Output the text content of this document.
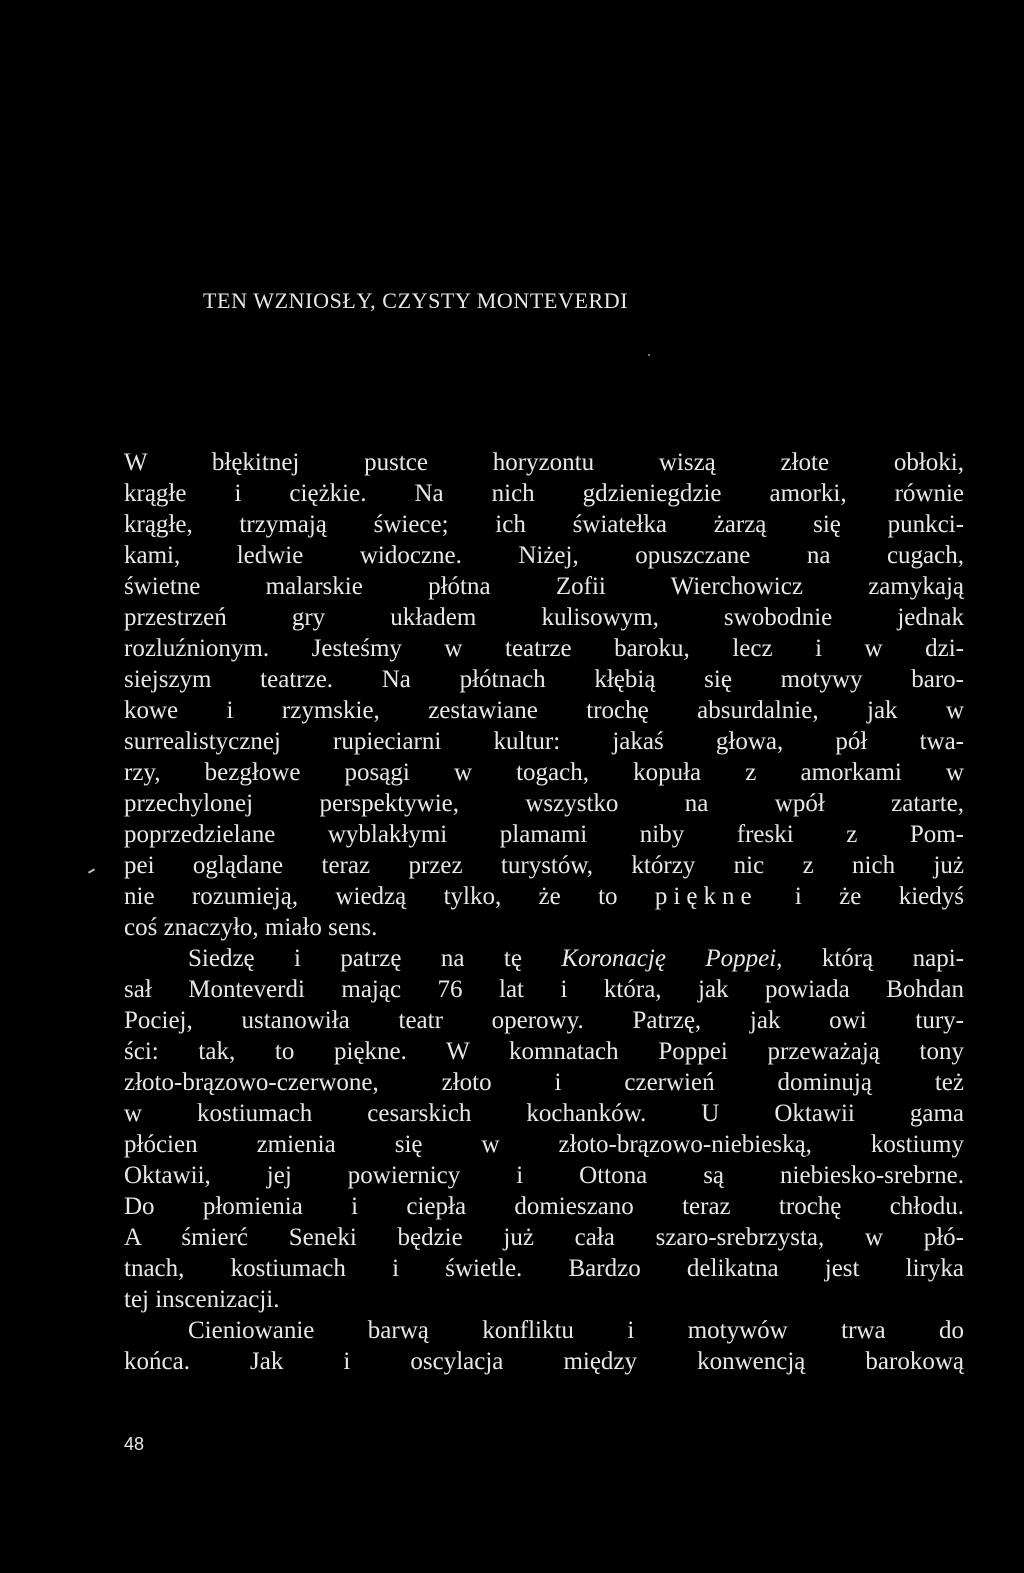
TEN WZNIOSŁY, CZYSTY MONTEVERDI
W błękitnej pustce horyzontu wiszą złote obłoki,
krągłe i ciężkie. Na nich gdzieniegdzie amorki, równie
krągłe, trzymają świece; ich światełka żarzą się punkci-
kami, ledwie widoczne. Niżej, opuszczane na cugach,
świetne malarskie płótna Zofii Wierchowicz zamykają
przestrzeń gry układem kulisowym, swobodnie jednak
rozluźnionym. Jesteśmy w teatrze baroku, lecz i w dzi-
siejszym teatrze. Na płótnach kłębią się motywy baro-
kowe i rzymskie, zestawiane trochę absurdalnie, jak w
surrealistycznej rupieciarni kultur: jakaś głowa, pół twa-
rzy, bezgłowe posągi w togach, kopuła z amorkami w
przechylonej perspektywie, wszystko na wpół zatarte,
poprzedzielane wyblakłymi plamami niby freski z Pom-
pei oglądane teraz przez turystów, którzy nic z nich już
nie rozumieją, wiedzą tylko, że to piękne i że kiedyś
coś znaczyło, miało sens.
Siedzę i patrzę na tę Koronację Poppei, którą napi-
sał Monteverdi mając 76 lat i która, jak powiada Bohdan
Pociej, ustanowiła teatr operowy. Patrzę, jak owi tury-
ści: tak, to piękne. W komnatach Poppei przeważają tony
złoto-brązowo-czerwone, złoto i czerwień dominują też
w kostiumach cesarskich kochanków. U Oktawii gama
płócien zmienia się w złoto-brązowo-niebieską, kostiumy
Oktawii, jej powiernicy i Ottona są niebiesko-srebrne.
Do płomienia i ciepła domieszano teraz trochę chłodu.
A śmierć Seneki będzie już cała szaro-srebrzysta, w płó-
tnach, kostiumach i świetle. Bardzo delikatna jest liryka
tej inscenizacji.
Cieniowanie barwą konfliktu i motywów trwa do
końca. Jak i oscylacja między konwencją barokową
48
